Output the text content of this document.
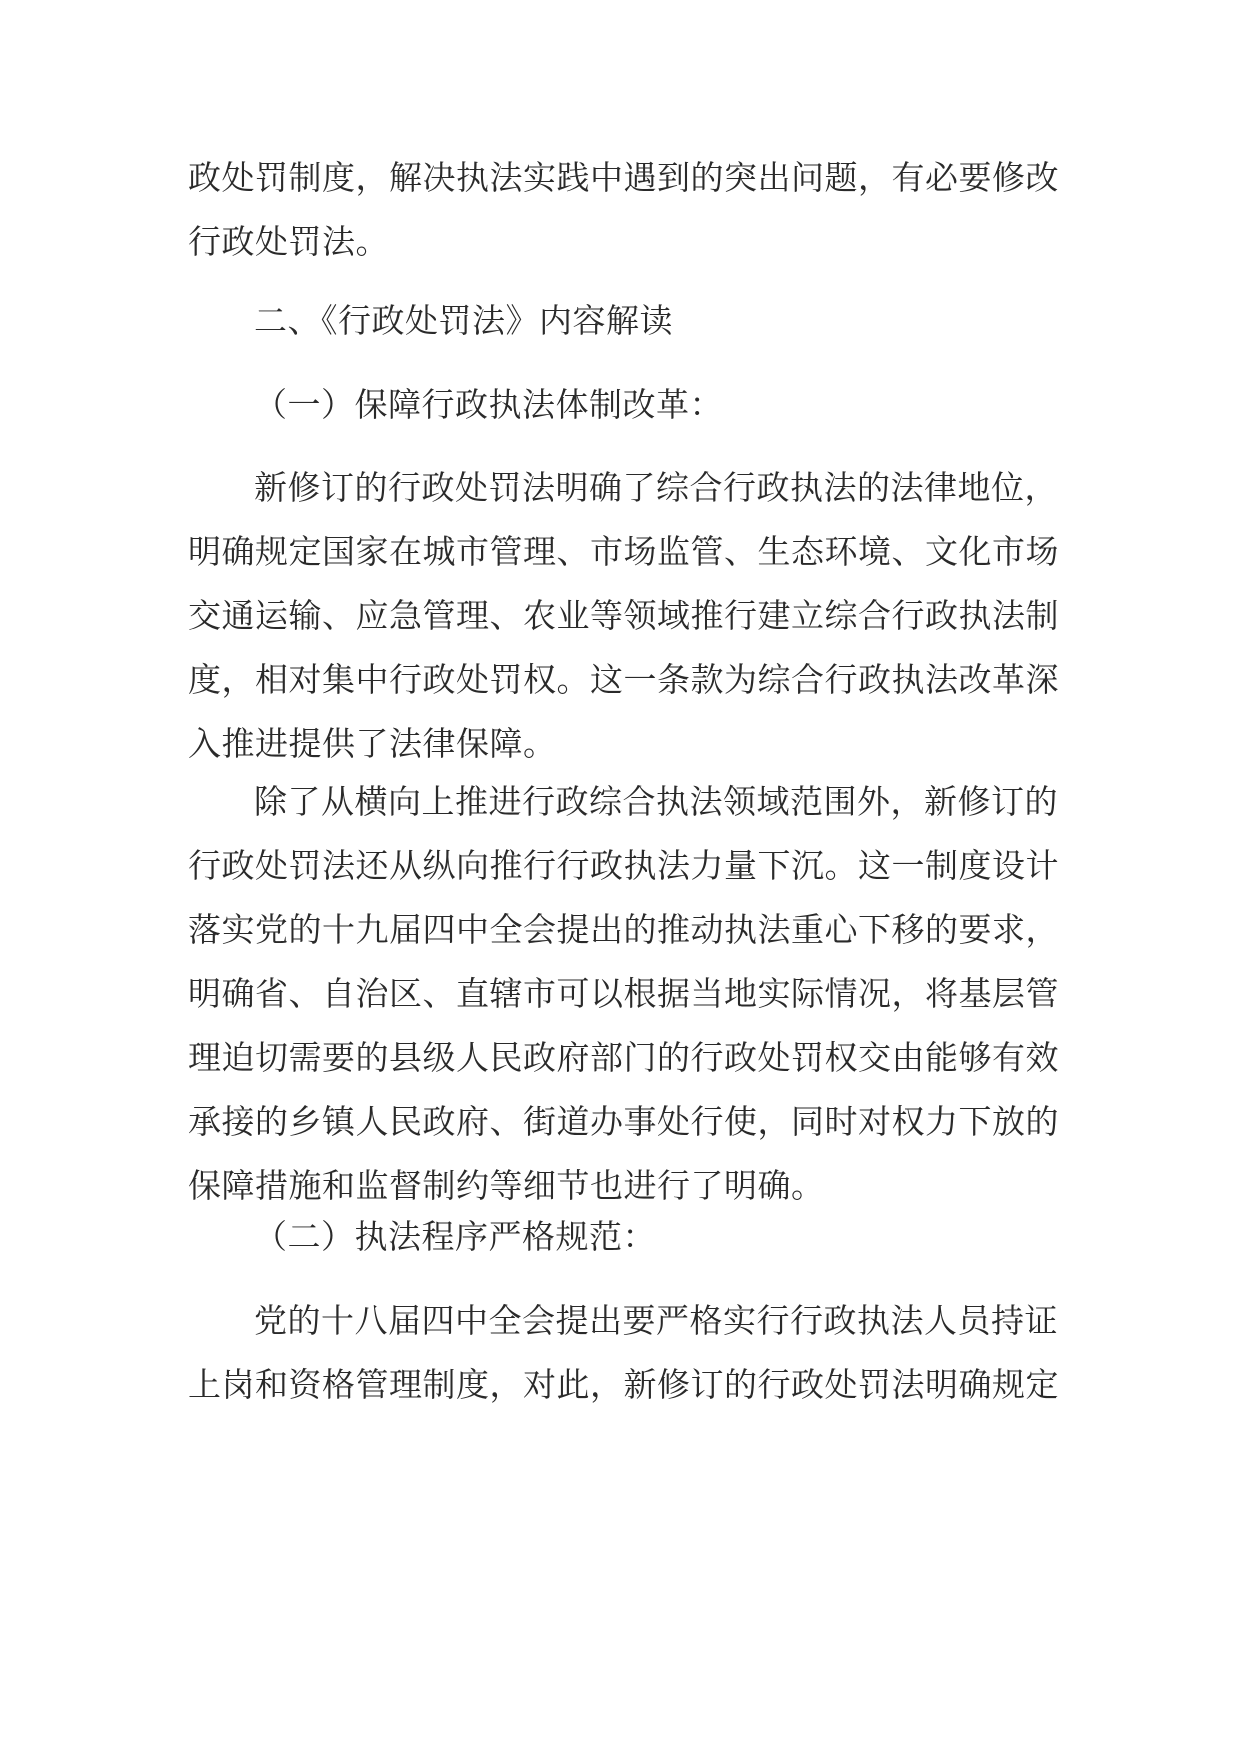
政处罚制度，解决执法实践中遇到的突出问题，有必要修改
行政处罚法。
二、《行政处罚法》内容解读
（一）保障行政执法体制改革：
新修订的行政处罚法明确了综合行政执法的法律地位，
明确规定国家在城市管理、市场监管、生态环境、文化市场
交通运输、应急管理、农业等领域推行建立综合行政执法制
度，相对集中行政处罚权。这一条款为综合行政执法改革深
入推进提供了法律保障。
除了从横向上推进行政综合执法领域范围外，新修订的
行政处罚法还从纵向推行行政执法力量下沉。这一制度设计
落实党的十九届四中全会提出的推动执法重心下移的要求，
明确省、自治区、直辖市可以根据当地实际情况，将基层管
理迫切需要的县级人民政府部门的行政处罚权交由能够有效
承接的乡镇人民政府、街道办事处行使，同时对权力下放的
保障措施和监督制约等细节也进行了明确。
（二）执法程序严格规范：
党的十八届四中全会提出要严格实行行政执法人员持证
上岗和资格管理制度，对此，新修订的行政处罚法明确规定
